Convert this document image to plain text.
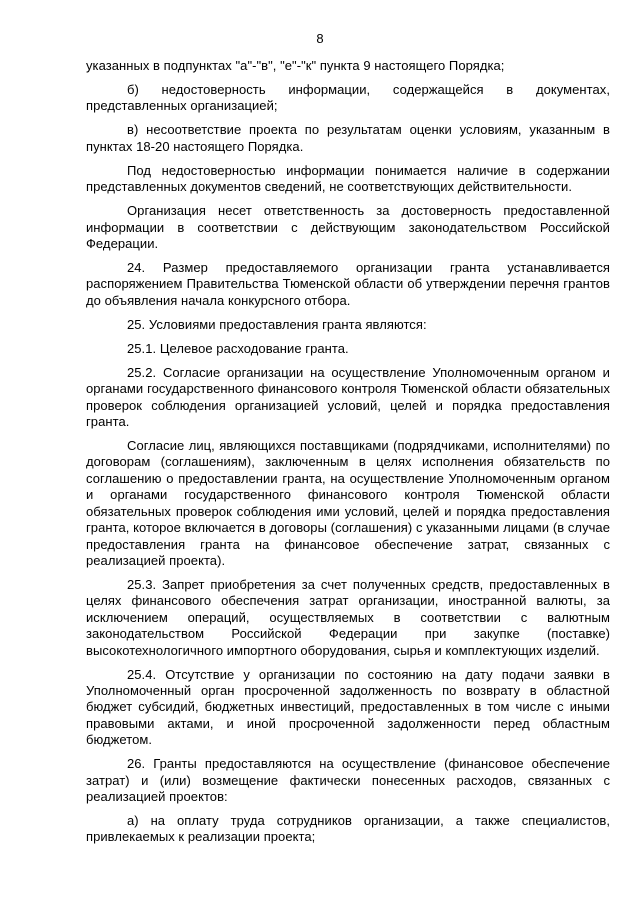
8

указанных в подпунктах "а"-"в", "е"-"к" пункта 9 настоящего Порядка;

б) недостоверность информации, содержащейся в документах, представленных организацией;

в) несоответствие проекта по результатам оценки условиям, указанным в пунктах 18-20 настоящего Порядка.

Под недостоверностью информации понимается наличие в содержании представленных документов сведений, не соответствующих действительности.

Организация несет ответственность за достоверность предоставленной информации в соответствии с действующим законодательством Российской Федерации.

24. Размер предоставляемого организации гранта устанавливается распоряжением Правительства Тюменской области об утверждении перечня грантов до объявления начала конкурсного отбора.

25. Условиями предоставления гранта являются:

25.1. Целевое расходование гранта.

25.2. Согласие организации на осуществление Уполномоченным органом и органами государственного финансового контроля Тюменской области обязательных проверок соблюдения организацией условий, целей и порядка предоставления гранта.

Согласие лиц, являющихся поставщиками (подрядчиками, исполнителями) по договорам (соглашениям), заключенным в целях исполнения обязательств по соглашению о предоставлении гранта, на осуществление Уполномоченным органом и органами государственного финансового контроля Тюменской области обязательных проверок соблюдения ими условий, целей и порядка предоставления гранта, которое включается в договоры (соглашения) с указанными лицами (в случае предоставления гранта на финансовое обеспечение затрат, связанных с реализацией проекта).

25.3. Запрет приобретения за счет полученных средств, предоставленных в целях финансового обеспечения затрат организации, иностранной валюты, за исключением операций, осуществляемых в соответствии с валютным законодательством Российской Федерации при закупке (поставке) высокотехнологичного импортного оборудования, сырья и комплектующих изделий.

25.4. Отсутствие у организации по состоянию на дату подачи заявки в Уполномоченный орган просроченной задолженность по возврату в областной бюджет субсидий, бюджетных инвестиций, предоставленных в том числе с иными правовыми актами, и иной просроченной задолженности перед областным бюджетом.

26. Гранты предоставляются на осуществление (финансовое обеспечение затрат) и (или) возмещение фактически понесенных расходов, связанных с реализацией проектов:

а) на оплату труда сотрудников организации, а также специалистов, привлекаемых к реализации проекта;
